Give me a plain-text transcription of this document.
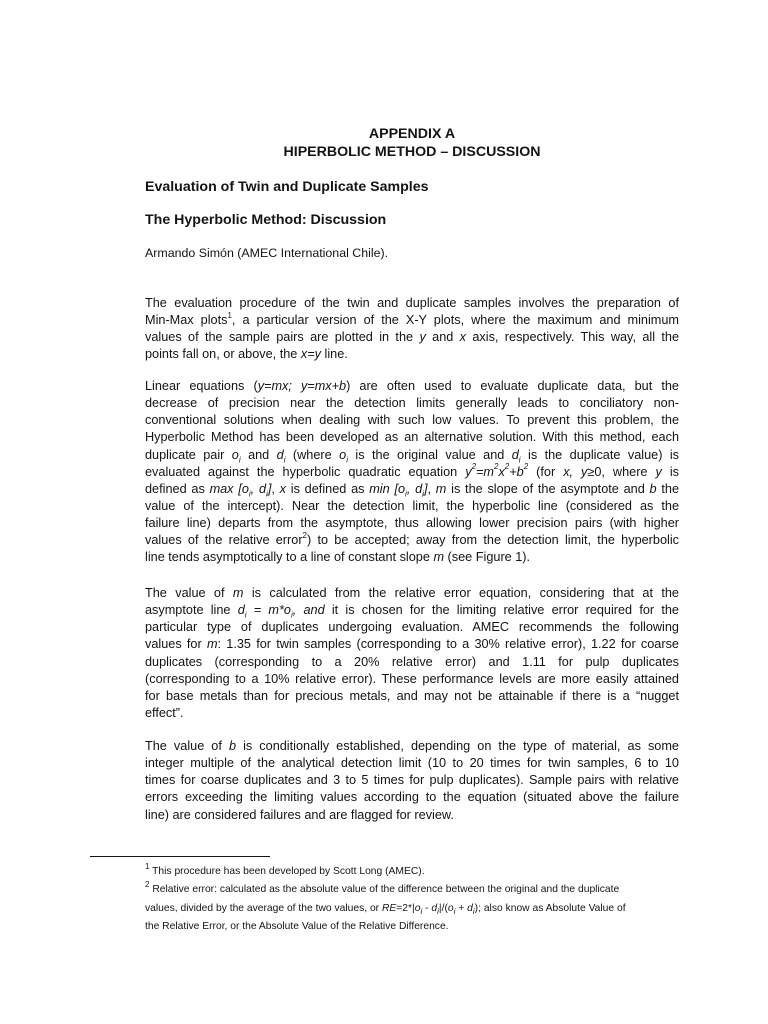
APPENDIX A
HIPERBOLIC METHOD – DISCUSSION
Evaluation of Twin and Duplicate Samples
The Hyperbolic Method: Discussion
Armando Simón (AMEC International Chile).
The evaluation procedure of the twin and duplicate samples involves the preparation of
Min-Max plots$^1$, a particular version of the X-Y plots, where the maximum and minimum
values of the sample pairs are plotted in the y and x axis, respectively. This way, all the
points fall on, or above, the x=y line.
Linear equations (y=mx; y=mx+b) are often used to evaluate duplicate data, but the
decrease of precision near the detection limits generally leads to conciliatory non-
conventional solutions when dealing with such low values. To prevent this problem, the
Hyperbolic Method has been developed as an alternative solution. With this method, each
duplicate pair $o_i$ and $d_i$ (where $o_i$ is the original value and $d_i$ is the duplicate value) is
evaluated against the hyperbolic quadratic equation $y^2=m^2x^2+b^2$ (for x, y≥0, where y is
defined as $\max [o_i$, $d_i$], x is defined as $\min [o_i$, $d_i$], m is the slope of the asymptote and b the
value of the intercept). Near the detection limit, the hyperbolic line (considered as the
failure line) departs from the asymptote, thus allowing lower precision pairs (with higher
values of the relative error$^2$) to be accepted; away from the detection limit, the hyperbolic
line tends asymptotically to a line of constant slope m (see Figure 1).
The value of m is calculated from the relative error equation, considering that at the
asymptote line $d_i = m*o_i$, and it is chosen for the limiting relative error required for the
particular type of duplicates undergoing evaluation. AMEC recommends the following
values for m: 1.35 for twin samples (corresponding to a 30% relative error), 1.22 for coarse
duplicates (corresponding to a 20% relative error) and 1.11 for pulp duplicates
(corresponding to a 10% relative error). These performance levels are more easily attained
for base metals than for precious metals, and may not be attainable if there is a “nugget
effect”.
The value of b is conditionally established, depending on the type of material, as some
integer multiple of the analytical detection limit (10 to 20 times for twin samples, 6 to 10
times for coarse duplicates and 3 to 5 times for pulp duplicates). Sample pairs with relative
errors exceeding the limiting values according to the equation (situated above the failure
line) are considered failures and are flagged for review.
$^1$ This procedure has been developed by Scott Long (AMEC).
$^2$ Relative error: calculated as the absolute value of the difference between the original and the duplicate
values, divided by the average of the two values, or $RE=2*|o_i - d_i|/(o_i + d_i)$; also know as Absolute Value of
the Relative Error, or the Absolute Value of the Relative Difference.
